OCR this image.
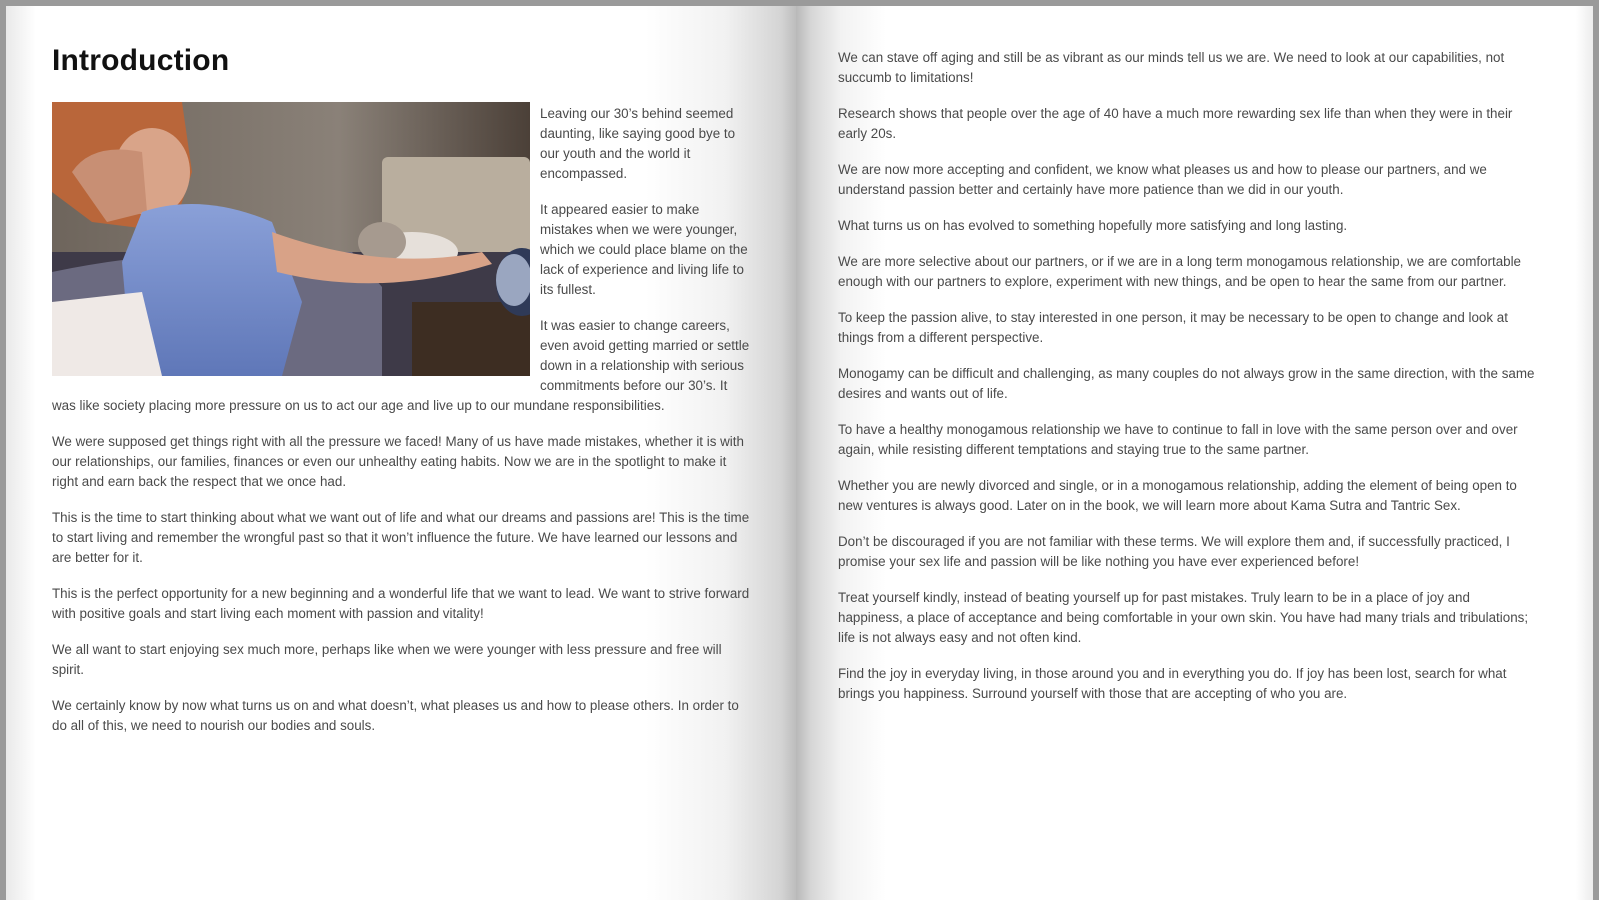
Introduction

Leaving our 30’s behind seemed daunting, like saying good bye to our youth and the world it encompassed.

It appeared easier to make mistakes when we were younger, which we could place blame on the lack of experience and living life to its fullest.

It was easier to change careers, even avoid getting married or settle down in a relationship with serious commitments before our 30’s. It was like society placing more pressure on us to act our age and live up to our mundane responsibilities.

We were supposed get things right with all the pressure we faced! Many of us have made mistakes, whether it is with our relationships, our families, finances or even our unhealthy eating habits. Now we are in the spotlight to make it right and earn back the respect that we once had.

This is the time to start thinking about what we want out of life and what our dreams and passions are! This is the time to start living and remember the wrongful past so that it won’t influence the future. We have learned our lessons and are better for it.

This is the perfect opportunity for a new beginning and a wonderful life that we want to lead. We want to strive forward with positive goals and start living each moment with passion and vitality!

We all want to start enjoying sex much more, perhaps like when we were younger with less pressure and free will spirit.

We certainly know by now what turns us on and what doesn’t, what pleases us and how to please others. In order to do all of this, we need to nourish our bodies and souls.

We can stave off aging and still be as vibrant as our minds tell us we are. We need to look at our capabilities, not succumb to limitations!

Research shows that people over the age of 40 have a much more rewarding sex life than when they were in their early 20s.

We are now more accepting and confident, we know what pleases us and how to please our partners, and we understand passion better and certainly have more patience than we did in our youth.

What turns us on has evolved to something hopefully more satisfying and long lasting.

We are more selective about our partners, or if we are in a long term monogamous relationship, we are comfortable enough with our partners to explore, experiment with new things, and be open to hear the same from our partner.

To keep the passion alive, to stay interested in one person, it may be necessary to be open to change and look at things from a different perspective.

Monogamy can be difficult and challenging, as many couples do not always grow in the same direction, with the same desires and wants out of life.

To have a healthy monogamous relationship we have to continue to fall in love with the same person over and over again, while resisting different temptations and staying true to the same partner.

Whether you are newly divorced and single, or in a monogamous relationship, adding the element of being open to new ventures is always good. Later on in the book, we will learn more about Kama Sutra and Tantric Sex.

Don’t be discouraged if you are not familiar with these terms. We will explore them and, if successfully practiced, I promise your sex life and passion will be like nothing you have ever experienced before!

Treat yourself kindly, instead of beating yourself up for past mistakes. Truly learn to be in a place of joy and happiness, a place of acceptance and being comfortable in your own skin. You have had many trials and tribulations; life is not always easy and not often kind.

Find the joy in everyday living, in those around you and in everything you do. If joy has been lost, search for what brings you happiness. Surround yourself with those that are accepting of who you are.
